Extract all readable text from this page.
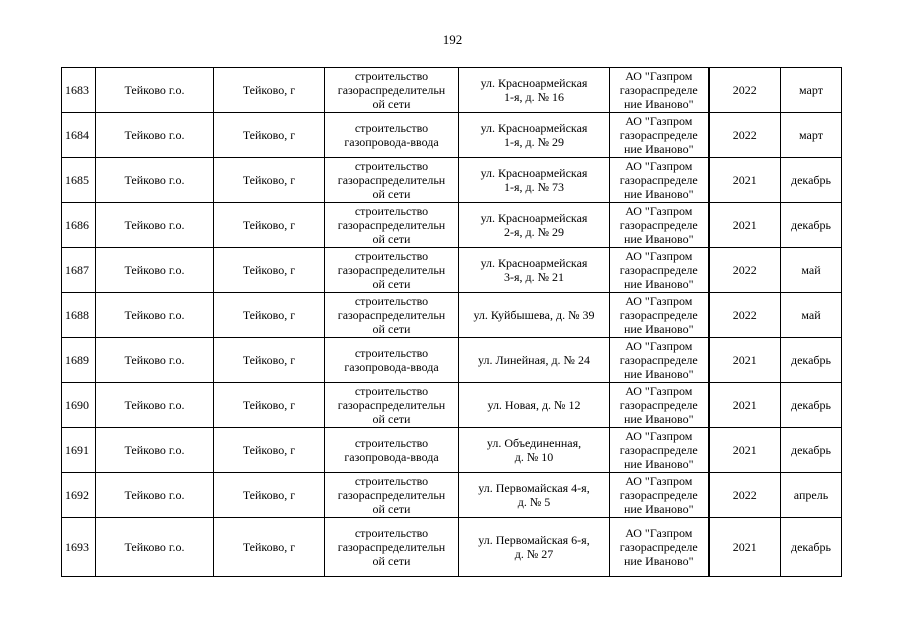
192
1683	Тейково г.о.	Тейково, г	строительство
газораспределительн
ой сети	ул. Красноармейская
1-я, д. № 16	АО "Газпром
газораспределе
ние Иваново"	2022	март
1684	Тейково г.о.	Тейково, г	строительство
газопровода-ввода	ул. Красноармейская
1-я, д. № 29	АО "Газпром
газораспределе
ние Иваново"	2022	март
1685	Тейково г.о.	Тейково, г	строительство
газораспределительн
ой сети	ул. Красноармейская
1-я, д. № 73	АО "Газпром
газораспределе
ние Иваново"	2021	декабрь
1686	Тейково г.о.	Тейково, г	строительство
газораспределительн
ой сети	ул. Красноармейская
2-я, д. № 29	АО "Газпром
газораспределе
ние Иваново"	2021	декабрь
1687	Тейково г.о.	Тейково, г	строительство
газораспределительн
ой сети	ул. Красноармейская
3-я, д. № 21	АО "Газпром
газораспределе
ние Иваново"	2022	май
1688	Тейково г.о.	Тейково, г	строительство
газораспределительн
ой сети	ул. Куйбышева, д. № 39	АО "Газпром
газораспределе
ние Иваново"	2022	май
1689	Тейково г.о.	Тейково, г	строительство
газопровода-ввода	ул. Линейная, д. № 24	АО "Газпром
газораспределе
ние Иваново"	2021	декабрь
1690	Тейково г.о.	Тейково, г	строительство
газораспределительн
ой сети	ул. Новая, д. № 12	АО "Газпром
газораспределе
ние Иваново"	2021	декабрь
1691	Тейково г.о.	Тейково, г	строительство
газопровода-ввода	ул. Объединенная,
д. № 10	АО "Газпром
газораспределе
ние Иваново"	2021	декабрь
1692	Тейково г.о.	Тейково, г	строительство
газораспределительн
ой сети	ул. Первомайская 4-я,
д. № 5	АО "Газпром
газораспределе
ние Иваново"	2022	апрель
1693	Тейково г.о.	Тейково, г	строительство
газораспределительн
ой сети	ул. Первомайская 6-я,
д. № 27	АО "Газпром
газораспределе
ние Иваново"	2021	декабрь
